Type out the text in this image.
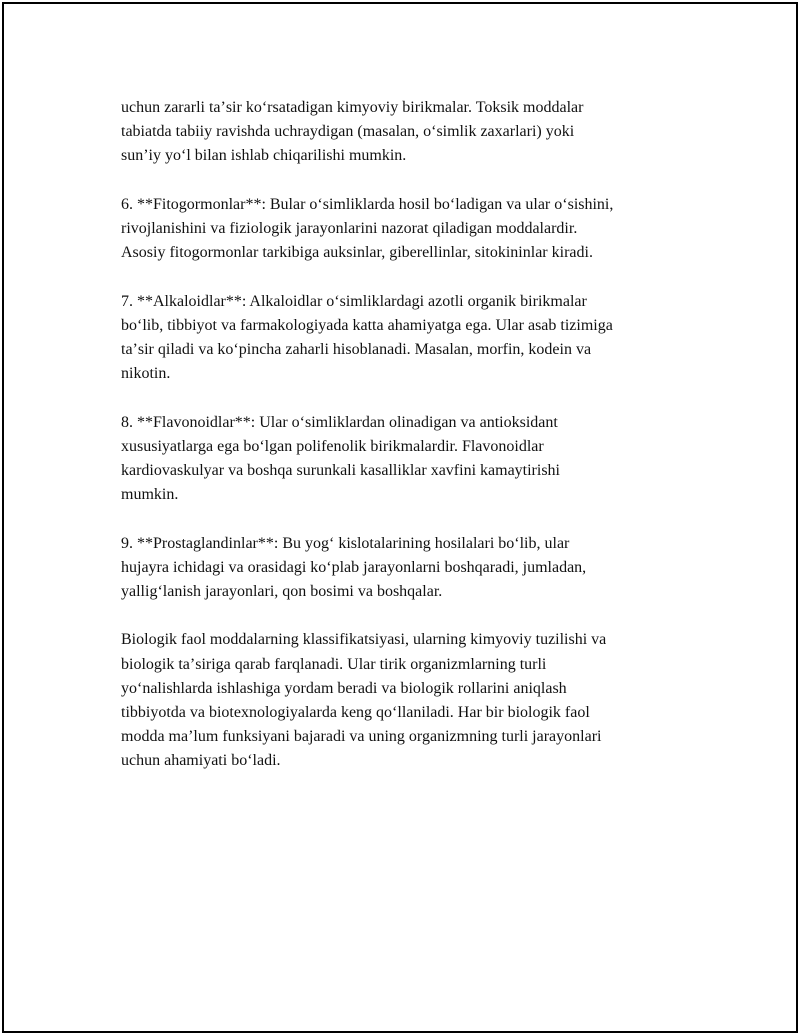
uchun zararli taʼsir koʻrsatadigan kimyoviy birikmalar. Toksik moddalar
tabiatda tabiiy ravishda uchraydigan (masalan, oʻsimlik zaxarlari) yoki
sunʼiy yoʻl bilan ishlab chiqarilishi mumkin.

6. **Fitogormonlar**: Bular oʻsimliklarda hosil boʻladigan va ular oʻsishini,
rivojlanishini va fiziologik jarayonlarini nazorat qiladigan moddalardir.
Asosiy fitogormonlar tarkibiga auksinlar, giberellinlar, sitokininlar kiradi.

7. **Alkaloidlar**: Alkaloidlar oʻsimliklardagi azotli organik birikmalar
boʻlib, tibbiyot va farmakologiyada katta ahamiyatga ega. Ular asab tizimiga
taʼsir qiladi va koʻpincha zaharli hisoblanadi. Masalan, morfin, kodein va
nikotin.

8. **Flavonoidlar**: Ular oʻsimliklardan olinadigan va antioksidant
xususiyatlarga ega boʻlgan polifenolik birikmalardir. Flavonoidlar
kardiovaskulyar va boshqa surunkali kasalliklar xavfini kamaytirishi
mumkin.

9. **Prostaglandinlar**: Bu yogʻ kislotalarining hosilalari boʻlib, ular
hujayra ichidagi va orasidagi koʻplab jarayonlarni boshqaradi, jumladan,
yalligʻlanish jarayonlari, qon bosimi va boshqalar.

Biologik faol moddalarning klassifikatsiyasi, ularning kimyoviy tuzilishi va
biologik taʼsiriga qarab farqlanadi. Ular tirik organizmlarning turli
yoʻnalishlarda ishlashiga yordam beradi va biologik rollarini aniqlash
tibbiyotda va biotexnologiyalarda keng qoʻllaniladi. Har bir biologik faol
modda maʼlum funksiyani bajaradi va uning organizmning turli jarayonlari
uchun ahamiyati boʻladi.
